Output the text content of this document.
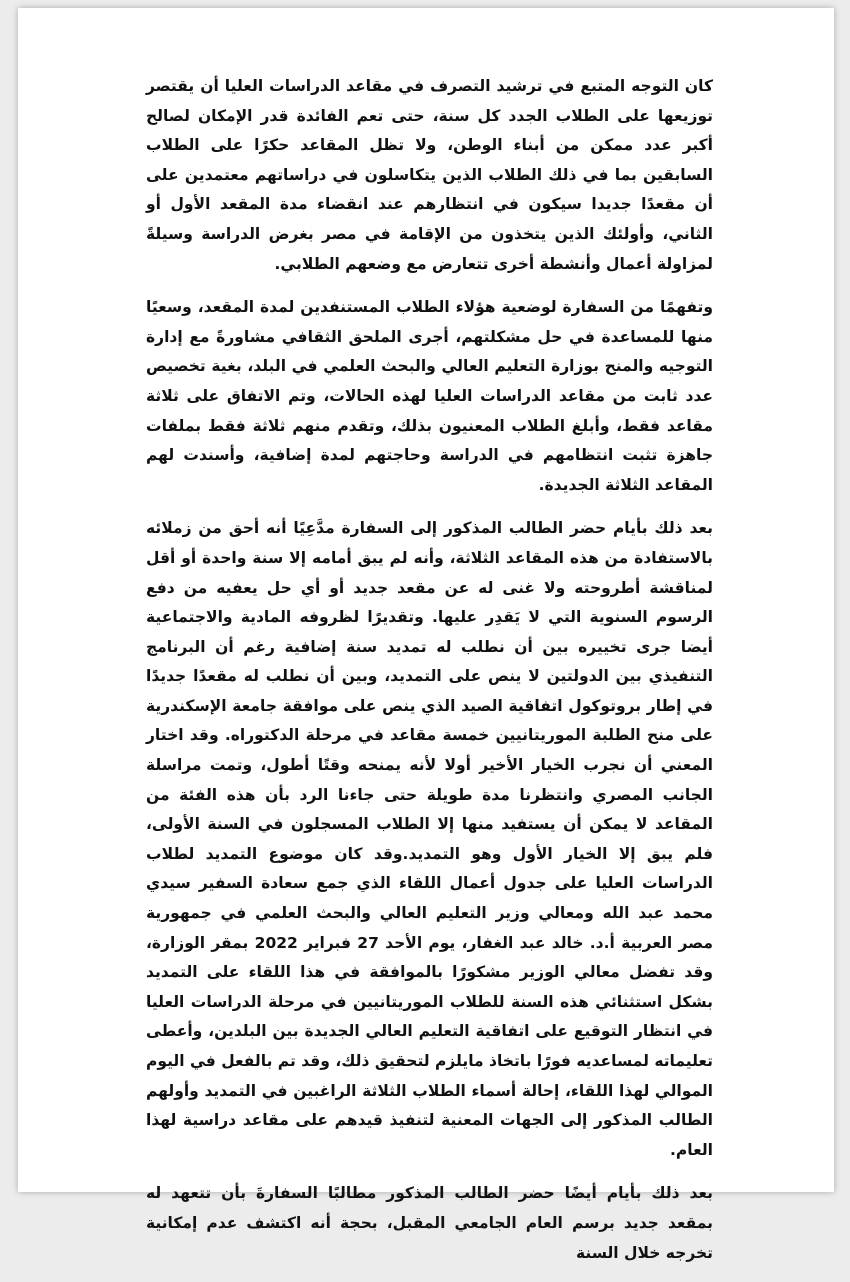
كان التوجه المتبع في ترشيد التصرف في مقاعد الدراسات العليا أن يقتصر توزيعها على الطلاب الجدد كل سنة، حتى تعم الفائدة قدر الإمكان لصالح أكبر عدد ممكن من أبناء الوطن، ولا تظل المقاعد حكرًا على الطلاب السابقين بما في ذلك الطلاب الذين يتكاسلون في دراساتهم معتمدين على أن مقعدًا جديدا سيكون في انتظارهم عند انقضاء مدة المقعد الأول أو الثاني، وأولئك الذين يتخذون من الإقامة في مصر بغرض الدراسة وسيلةً لمزاولة أعمال وأنشطة أخرى تتعارض مع وضعهم الطلابي.

وتفهمًا من السفارة لوضعية هؤلاء الطلاب المستنفدين لمدة المقعد، وسعيًا منها للمساعدة في حل مشكلتهم، أجرى الملحق الثقافي مشاورةً مع إدارة التوجيه والمنح بوزارة التعليم العالي والبحث العلمي في البلد، بغية تخصيص عدد ثابت من مقاعد الدراسات العليا لهذه الحالات، وتم الاتفاق على ثلاثة مقاعد فقط، وأبلغ الطلاب المعنيون بذلك، وتقدم منهم ثلاثة فقط بملفات جاهزة تثبت انتظامهم في الدراسة وحاجتهم لمدة إضافية، وأسندت لهم المقاعد الثلاثة الجديدة.

بعد ذلك بأيام حضر الطالب المذكور إلى السفارة مدَّعِيًا أنه أحق من زملائه بالاستفادة من هذه المقاعد الثلاثة، وأنه لم يبق أمامه إلا سنة واحدة أو أقل لمناقشة أطروحته ولا غنى له عن مقعد جديد أو أي حل يعفيه من دفع الرسوم السنوية التي لا يَقدِر عليها. وتقديرًا لظروفه المادية والاجتماعية أيضا جرى تخييره بين أن نطلب له تمديد سنة إضافية رغم أن البرنامج التنفيذي بين الدولتين لا ينص على التمديد، وبين أن نطلب له مقعدًا جديدًا في إطار بروتوكول اتفاقية الصيد الذي ينص على موافقة جامعة الإسكندرية على منح الطلبة الموريتانيين خمسة مقاعد في مرحلة الدكتوراه. وقد اختار المعني أن نجرب الخيار الأخير أولا لأنه يمنحه وقتًا أطول، وتمت مراسلة الجانب المصري وانتظرنا مدة طويلة حتى جاءنا الرد بأن هذه الفئة من المقاعد لا يمكن أن يستفيد منها إلا الطلاب المسجلون في السنة الأولى، فلم يبق إلا الخيار الأول وهو التمديد.وقد كان موضوع التمديد لطلاب الدراسات العليا على جدول أعمال اللقاء الذي جمع سعادة السفير سيدي محمد عبد الله ومعالي وزير التعليم العالي والبحث العلمي في جمهورية مصر العربية أ.د. خالد عبد الغفار، يوم الأحد 27 فبراير 2022 بمقر الوزارة، وقد تفضل معالي الوزير مشكورًا بالموافقة في هذا اللقاء على التمديد بشكل استثنائي هذه السنة للطلاب الموريتانيين في مرحلة الدراسات العليا في انتظار التوقيع على اتفاقية التعليم العالي الجديدة بين البلدين، وأعطى تعليماته لمساعديه فورًا باتخاذ مايلزم لتحقيق ذلك، وقد تم بالفعل في اليوم الموالي لهذا اللقاء، إحالة أسماء الطلاب الثلاثة الراغبين في التمديد وأولهم الطالب المذكور إلى الجهات المعنية لتنفيذ قيدهم على مقاعد دراسية لهذا العام.

بعد ذلك بأيام أيضًا حضر الطالب المذكور مطالبًا السفارةَ بأن تتعهد له بمقعد جديد برسم العام الجامعي المقبل، بحجة أنه اكتشف عدم إمكانية تخرجه خلال السنة
